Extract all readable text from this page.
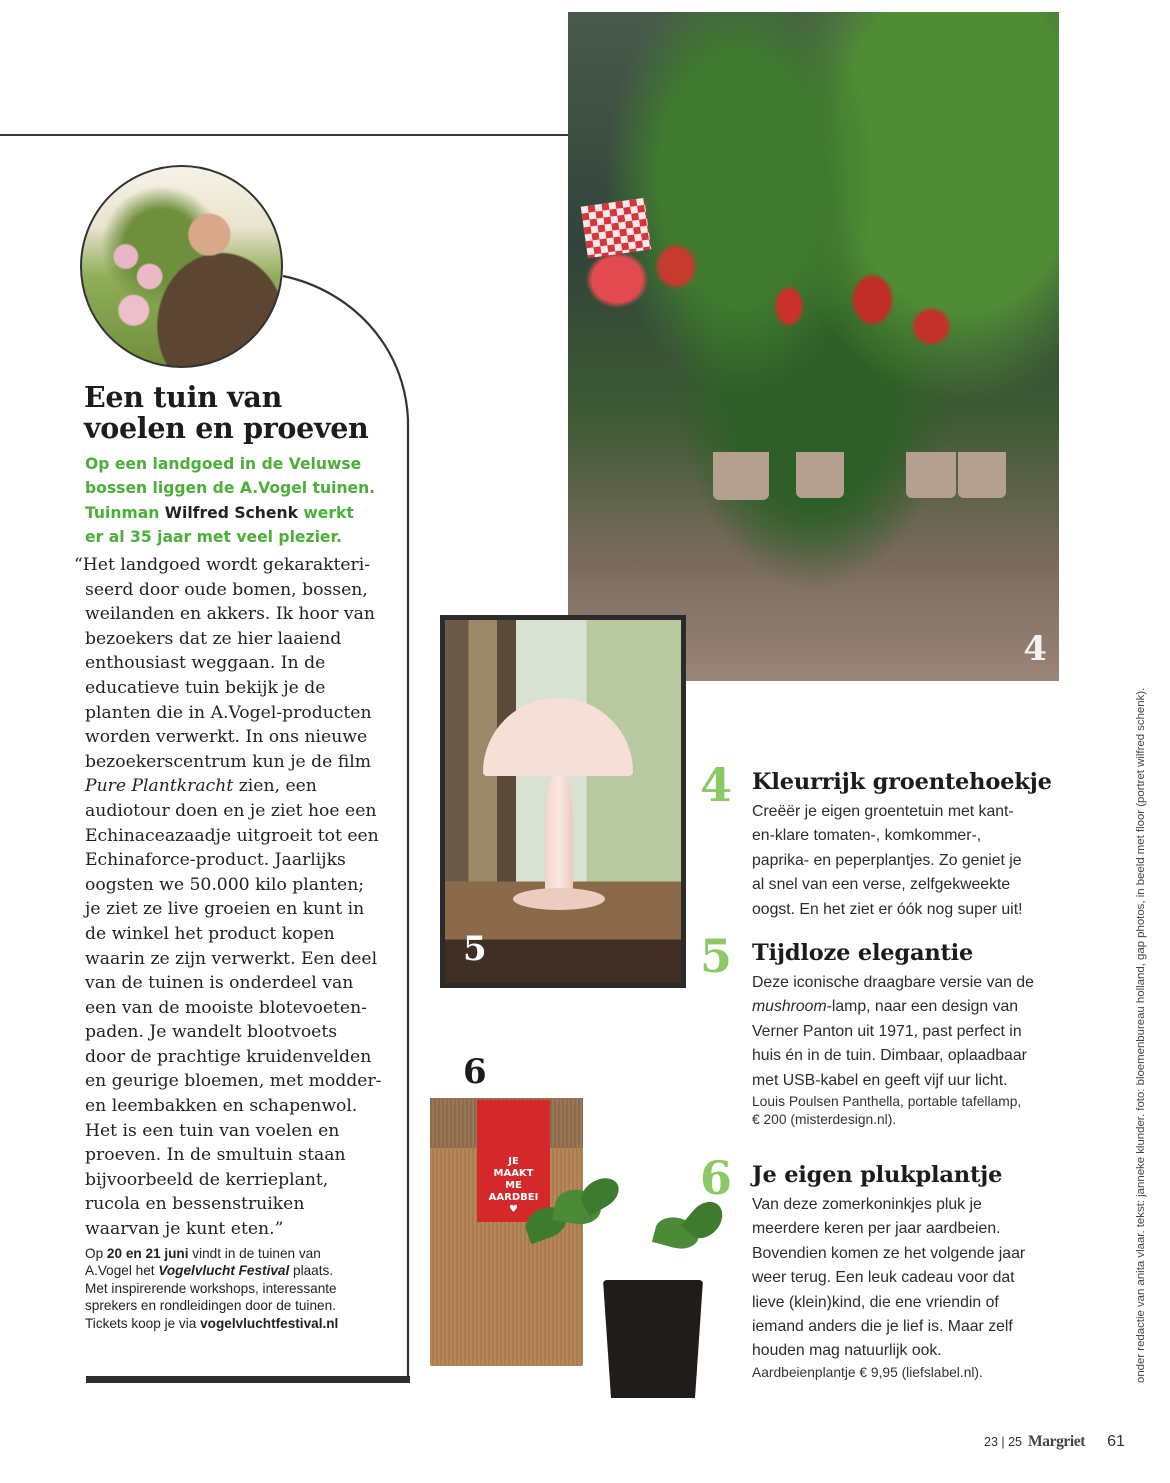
Een tuin van
voelen en proeven
Op een landgoed in de Veluwse
bossen liggen de A.Vogel tuinen.
Tuinman Wilfred Schenk werkt
er al 35 jaar met veel plezier.
“Het landgoed wordt gekarakteri-
seerd door oude bomen, bossen,
weilanden en akkers. Ik hoor van
bezoekers dat ze hier laaiend
enthousiast weggaan. In de
educatieve tuin bekijk je de
planten die in A.Vogel-producten
worden verwerkt. In ons nieuwe
bezoekerscentrum kun je de film
Pure Plantkracht zien, een
audiotour doen en je ziet hoe een
Echinaceazaadje uitgroeit tot een
Echinaforce-product. Jaarlijks
oogsten we 50.000 kilo planten;
je ziet ze live groeien en kunt in
de winkel het product kopen
waarin ze zijn verwerkt. Een deel
van de tuinen is onderdeel van
een van de mooiste blotevoeten-
paden. Je wandelt blootvoets
door de prachtige kruidenvelden
en geurige bloemen, met modder-
en leembakken en schapenwol.
Het is een tuin van voelen en
proeven. In de smultuin staan
bijvoorbeeld de kerrieplant,
rucola en bessenstruiken
waarvan je kunt eten.”
Op 20 en 21 juni vindt in de tuinen van
A.Vogel het Vogelvlucht Festival plaats.
Met inspirerende workshops, interessante
sprekers en rondleidingen door de tuinen.
Tickets koop je via vogelvluchtfestival.nl
4
5
6
JE
MAAKT
ME
AARDBEI
♥
4 Kleurrijk groentehoekje
Creëër je eigen groentetuin met kant-
en-klare tomaten-, komkommer-,
paprika- en peperplantjes. Zo geniet je
al snel van een verse, zelfgekweekte
oogst. En het ziet er óók nog super uit!
5 Tijdloze elegantie
Deze iconische draagbare versie van de
mushroom-lamp, naar een design van
Verner Panton uit 1971, past perfect in
huis én in de tuin. Dimbaar, oplaadbaar
met USB-kabel en geeft vijf uur licht.
Louis Poulsen Panthella, portable tafellamp,
€ 200 (misterdesign.nl).
6 Je eigen plukplantje
Van deze zomerkoninkjes pluk je
meerdere keren per jaar aardbeien.
Bovendien komen ze het volgende jaar
weer terug. Een leuk cadeau voor dat
lieve (klein)kind, die ene vriendin of
iemand anders die je lief is. Maar zelf
houden mag natuurlijk ook.
Aardbeienplantje € 9,95 (liefslabel.nl).	onder redactie van anita vlaar. tekst: janneke klunder. foto: bloemenbureau holland, gap photos, in beeld met floor (portret wilfred schenk).
23 | 25 Margriet 61
